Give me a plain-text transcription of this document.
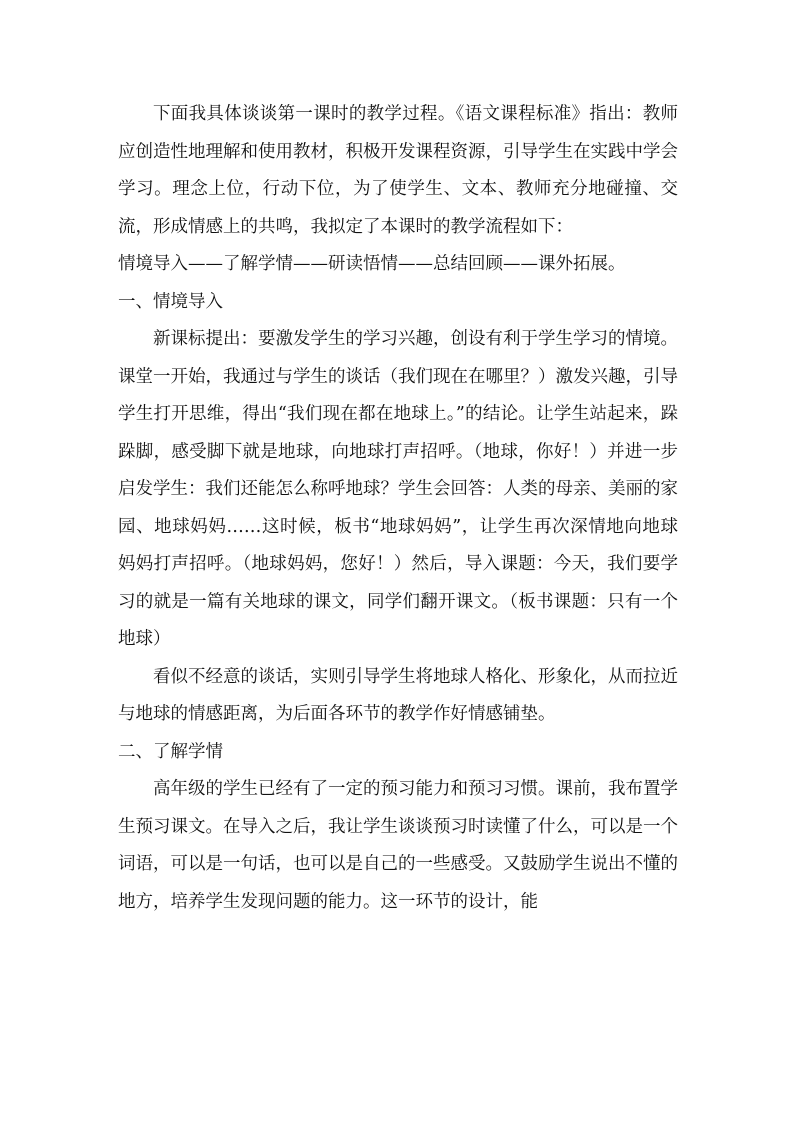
下面我具体谈谈第一课时的教学过程。《语文课程标准》指出：教师应创造性地理解和使用教材，积极开发课程资源，引导学生在实践中学会学习。理念上位，行动下位，为了使学生、文本、教师充分地碰撞、交流，形成情感上的共鸣，我拟定了本课时的教学流程如下：

情境导入——了解学情——研读悟情——总结回顾——课外拓展。

一、情境导入

新课标提出：要激发学生的学习兴趣，创设有利于学生学习的情境。课堂一开始，我通过与学生的谈话（我们现在在哪里？）激发兴趣，引导学生打开思维，得出“我们现在都在地球上。”的结论。让学生站起来，跺跺脚，感受脚下就是地球，向地球打声招呼。（地球，你好！）并进一步启发学生：我们还能怎么称呼地球？学生会回答：人类的母亲、美丽的家园、地球妈妈……这时候，板书“地球妈妈”，让学生再次深情地向地球妈妈打声招呼。（地球妈妈，您好！）然后，导入课题：今天，我们要学习的就是一篇有关地球的课文，同学们翻开课文。（板书课题：只有一个地球）

看似不经意的谈话，实则引导学生将地球人格化、形象化，从而拉近与地球的情感距离，为后面各环节的教学作好情感铺垫。

二、了解学情

高年级的学生已经有了一定的预习能力和预习习惯。课前，我布置学生预习课文。在导入之后，我让学生谈谈预习时读懂了什么，可以是一个词语，可以是一句话，也可以是自己的一些感受。又鼓励学生说出不懂的地方，培养学生发现问题的能力。这一环节的设计，能
